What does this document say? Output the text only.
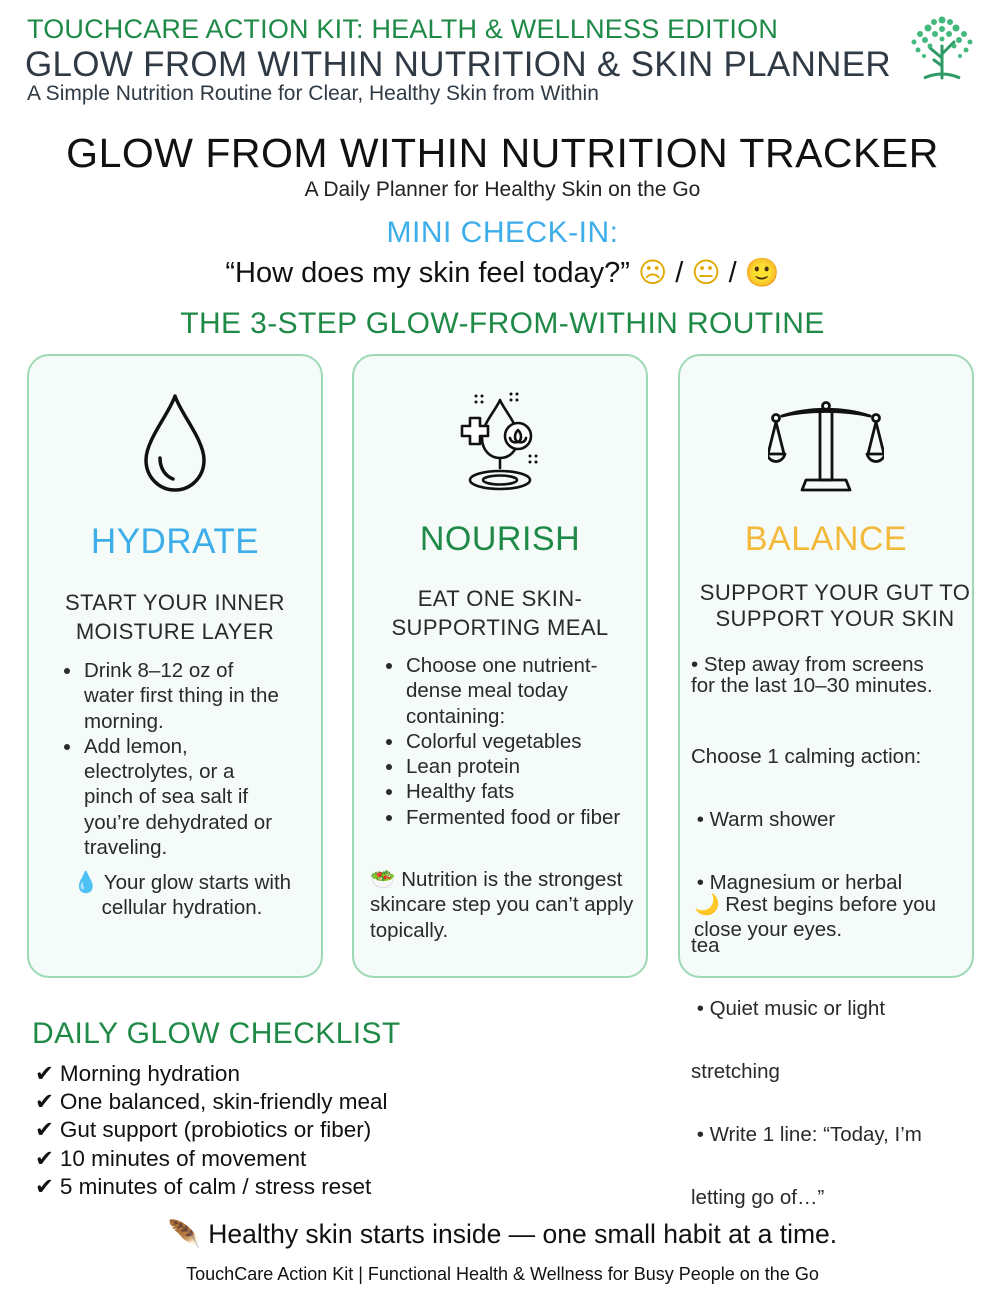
TOUCHCARE ACTION KIT: HEALTH & WELLNESS EDITION
GLOW FROM WITHIN NUTRITION & SKIN PLANNER
A Simple Nutrition Routine for Clear, Healthy Skin from Within
GLOW FROM WITHIN NUTRITION TRACKER
A Daily Planner for Healthy Skin on the Go
MINI CHECK-IN:
“How does my skin feel today?” ☹ / 😐 / 🙂
THE 3-STEP GLOW-FROM-WITHIN ROUTINE
HYDRATE
START YOUR INNER
MOISTURE LAYER
Drink 8–12 oz of water first thing in the morning.
Add lemon, electrolytes, or a pinch of sea salt if you’re dehydrated or traveling.
💧 Your glow starts with cellular hydration.
NOURISH
EAT ONE SKIN-
SUPPORTING MEAL
Choose one nutrient-dense meal today containing:
Colorful vegetables
Lean protein
Healthy fats
Fermented food or fiber
🥗 Nutrition is the strongest skincare step you can’t apply topically.
BALANCE
SUPPORT YOUR GUT TO
SUPPORT YOUR SKIN
• Step away from screens
for the last 10–30 minutes.

Choose 1 calming action:

• Warm shower

• Magnesium or herbal

tea

• Quiet music or light

stretching

• Write 1 line: “Today, I’m

letting go of…”

🌙 Rest begins before you close your eyes.
DAILY GLOW CHECKLIST
✔ Morning hydration
✔ One balanced, skin-friendly meal
✔ Gut support (probiotics or fiber)
✔ 10 minutes of movement
✔ 5 minutes of calm / stress reset
🪶 Healthy skin starts inside — one small habit at a time.
TouchCare Action Kit | Functional Health & Wellness for Busy People on the Go
